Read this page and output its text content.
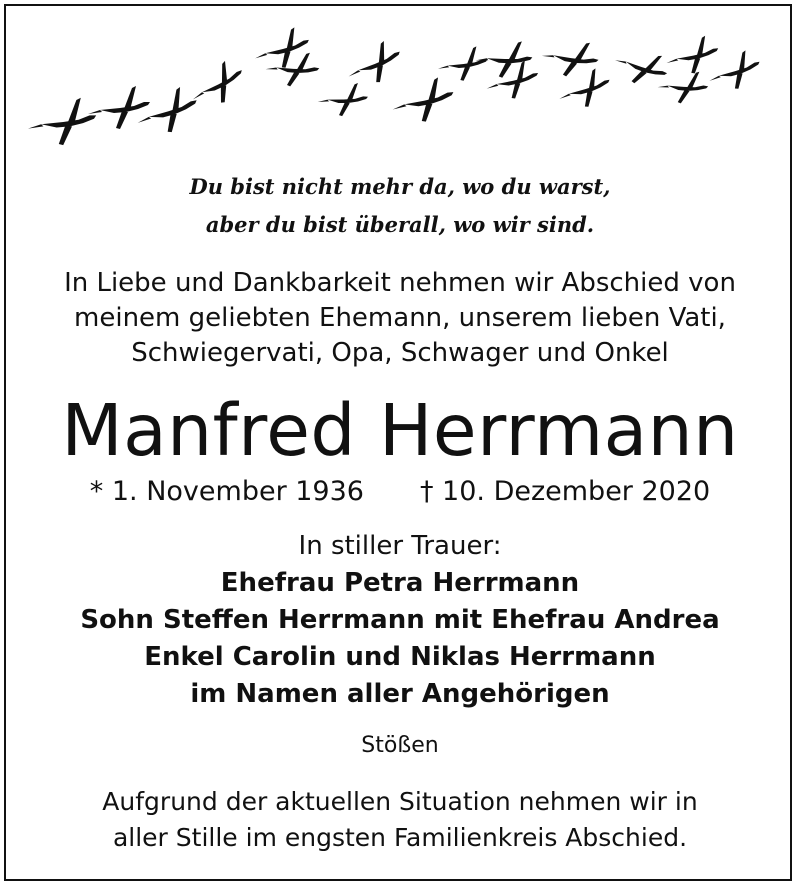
Du bist nicht mehr da, wo du warst,
aber du bist überall, wo wir sind.
In Liebe und Dankbarkeit nehmen wir Abschied von
meinem geliebten Ehemann, unserem lieben Vati,
Schwiegervati, Opa, Schwager und Onkel
Manfred Herrmann
* 1. November 1936 † 10. Dezember 2020
In stiller Trauer:
Ehefrau Petra Herrmann
Sohn Steffen Herrmann mit Ehefrau Andrea
Enkel Carolin und Niklas Herrmann
im Namen aller Angehörigen
Stößen
Aufgrund der aktuellen Situation nehmen wir in
aller Stille im engsten Familienkreis Abschied.
